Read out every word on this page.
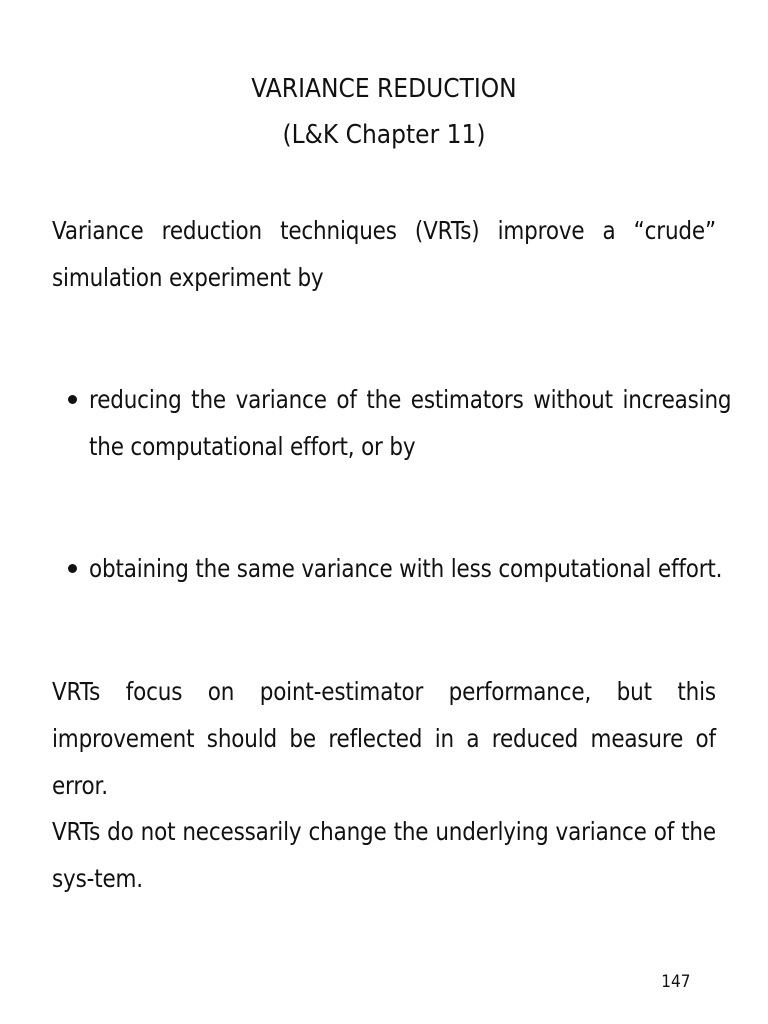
VARIANCE REDUCTION
(L&K Chapter 11)
Variance reduction techniques (VRTs) improve a “crude” simulation experiment by
reducing the variance of the estimators without increasing the computational effort, or by
obtaining the same variance with less computational effort.
VRTs focus on point-estimator performance, but this improvement should be reflected in a reduced measure of error.
VRTs do not necessarily change the underlying variance of the sys-tem.
147
